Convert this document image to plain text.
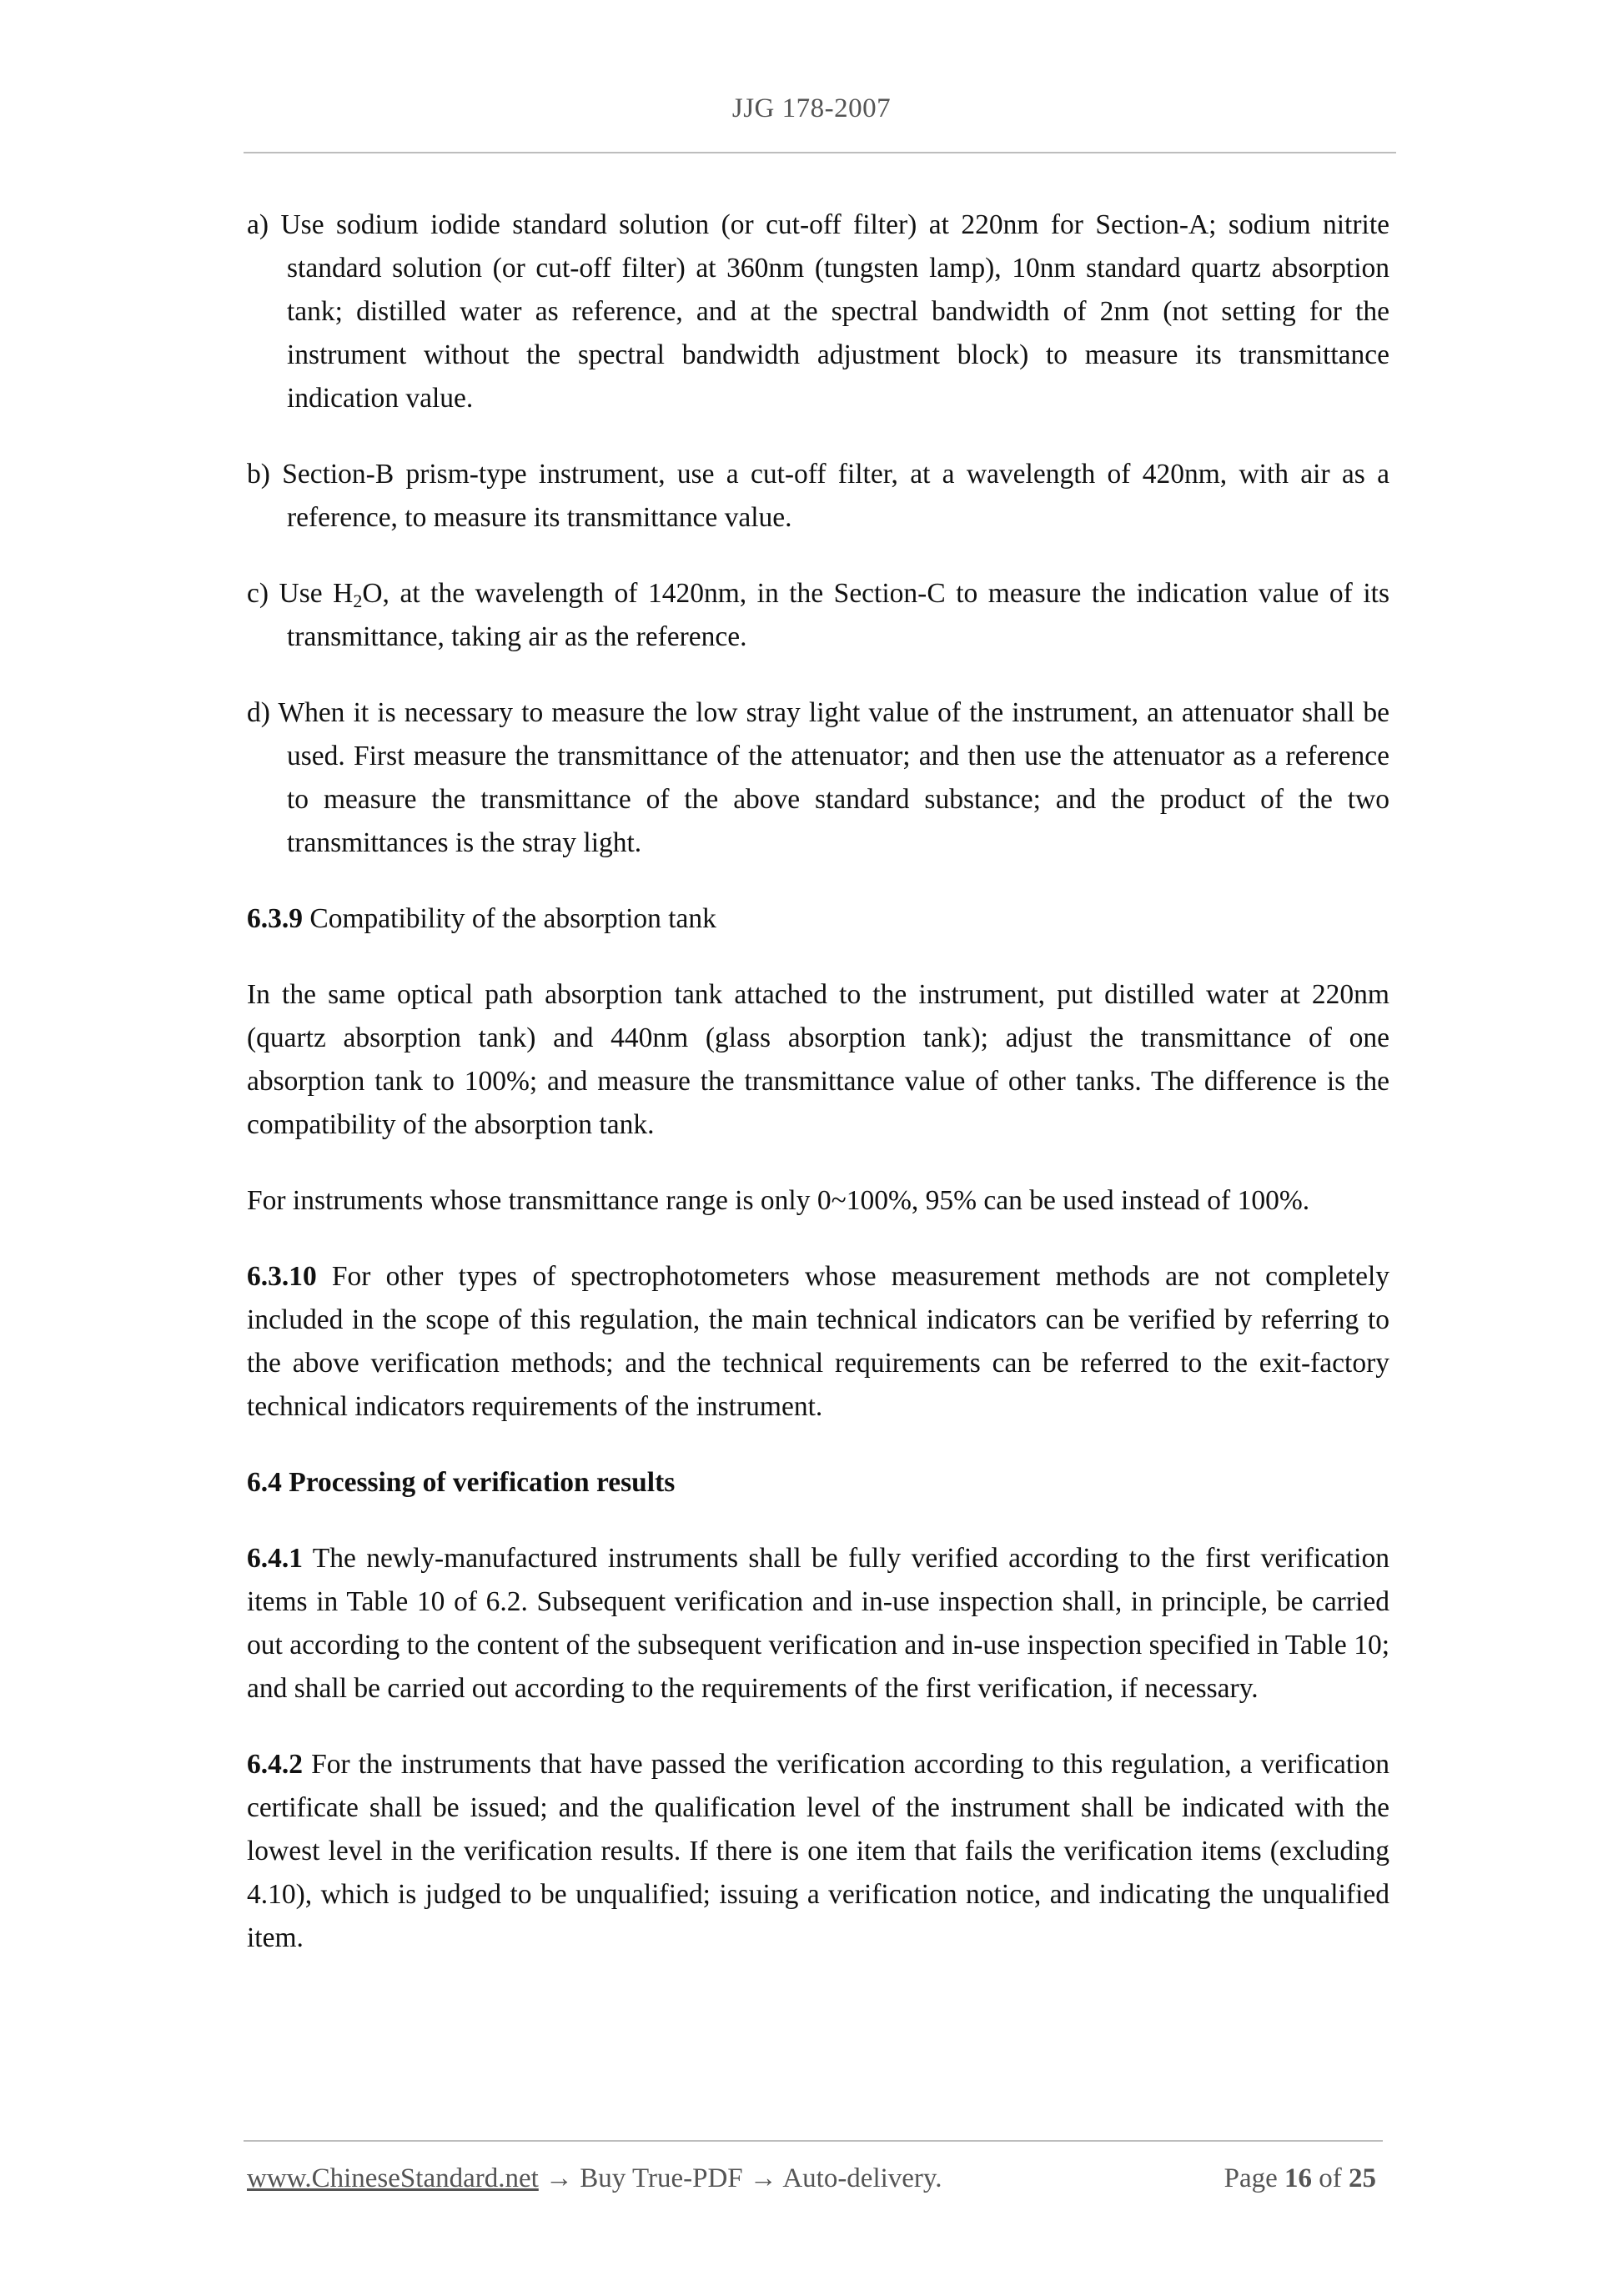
JJG 178-2007

a) Use sodium iodide standard solution (or cut-off filter) at 220nm for Section-A; sodium nitrite standard solution (or cut-off filter) at 360nm (tungsten lamp), 10nm standard quartz absorption tank; distilled water as reference, and at the spectral bandwidth of 2nm (not setting for the instrument without the spectral bandwidth adjustment block) to measure its transmittance indication value.

b) Section-B prism-type instrument, use a cut-off filter, at a wavelength of 420nm, with air as a reference, to measure its transmittance value.

c) Use $H_2O$, at the wavelength of 1420nm, in the Section-C to measure the indication value of its transmittance, taking air as the reference.

d) When it is necessary to measure the low stray light value of the instrument, an attenuator shall be used. First measure the transmittance of the attenuator; and then use the attenuator as a reference to measure the transmittance of the above standard substance; and the product of the two transmittances is the stray light.

6.3.9 Compatibility of the absorption tank

In the same optical path absorption tank attached to the instrument, put distilled water at 220nm (quartz absorption tank) and 440nm (glass absorption tank); adjust the transmittance of one absorption tank to 100%; and measure the transmittance value of other tanks. The difference is the compatibility of the absorption tank.

For instruments whose transmittance range is only 0~100%, 95% can be used instead of 100%.

6.3.10 For other types of spectrophotometers whose measurement methods are not completely included in the scope of this regulation, the main technical indicators can be verified by referring to the above verification methods; and the technical requirements can be referred to the exit-factory technical indicators requirements of the instrument.

6.4 Processing of verification results

6.4.1 The newly-manufactured instruments shall be fully verified according to the first verification items in Table 10 of 6.2. Subsequent verification and in-use inspection shall, in principle, be carried out according to the content of the subsequent verification and in-use inspection specified in Table 10; and shall be carried out according to the requirements of the first verification, if necessary.

6.4.2 For the instruments that have passed the verification according to this regulation, a verification certificate shall be issued; and the qualification level of the instrument shall be indicated with the lowest level in the verification results. If there is one item that fails the verification items (excluding 4.10), which is judged to be unqualified; issuing a verification notice, and indicating the unqualified item.

www.ChineseStandard.net → Buy True-PDF → Auto-delivery.	Page 16 of 25
